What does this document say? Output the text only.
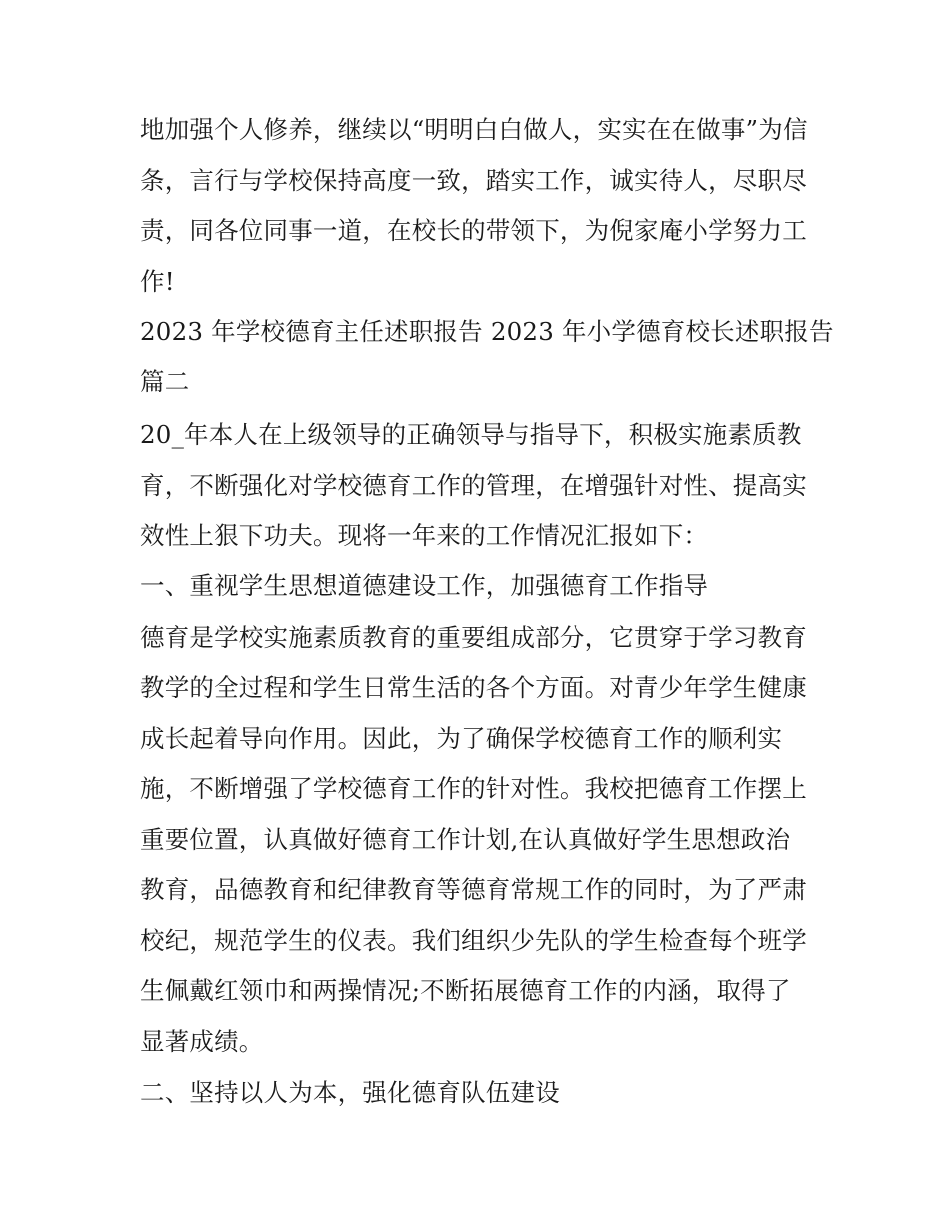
地加强个人修养，继续以“明明白白做人，实实在在做事”为信
条，言行与学校保持高度一致，踏实工作，诚实待人，尽职尽
责，同各位同事一道，在校长的带领下，为倪家庵小学努力工
作!
2023 年学校德育主任述职报告 2023 年小学德育校长述职报告
篇二
20_年本人在上级领导的正确领导与指导下，积极实施素质教
育，不断强化对学校德育工作的管理，在增强针对性、提高实
效性上狠下功夫。现将一年来的工作情况汇报如下：
一、重视学生思想道德建设工作，加强德育工作指导
德育是学校实施素质教育的重要组成部分，它贯穿于学习教育
教学的全过程和学生日常生活的各个方面。对青少年学生健康
成长起着导向作用。因此，为了确保学校德育工作的顺利实
施，不断增强了学校德育工作的针对性。我校把德育工作摆上
重要位置，认真做好德育工作计划,在认真做好学生思想政治
教育，品德教育和纪律教育等德育常规工作的同时，为了严肃
校纪，规范学生的仪表。我们组织少先队的学生检查每个班学
生佩戴红领巾和两操情况;不断拓展德育工作的内涵，取得了
显著成绩。
二、坚持以人为本，强化德育队伍建设
